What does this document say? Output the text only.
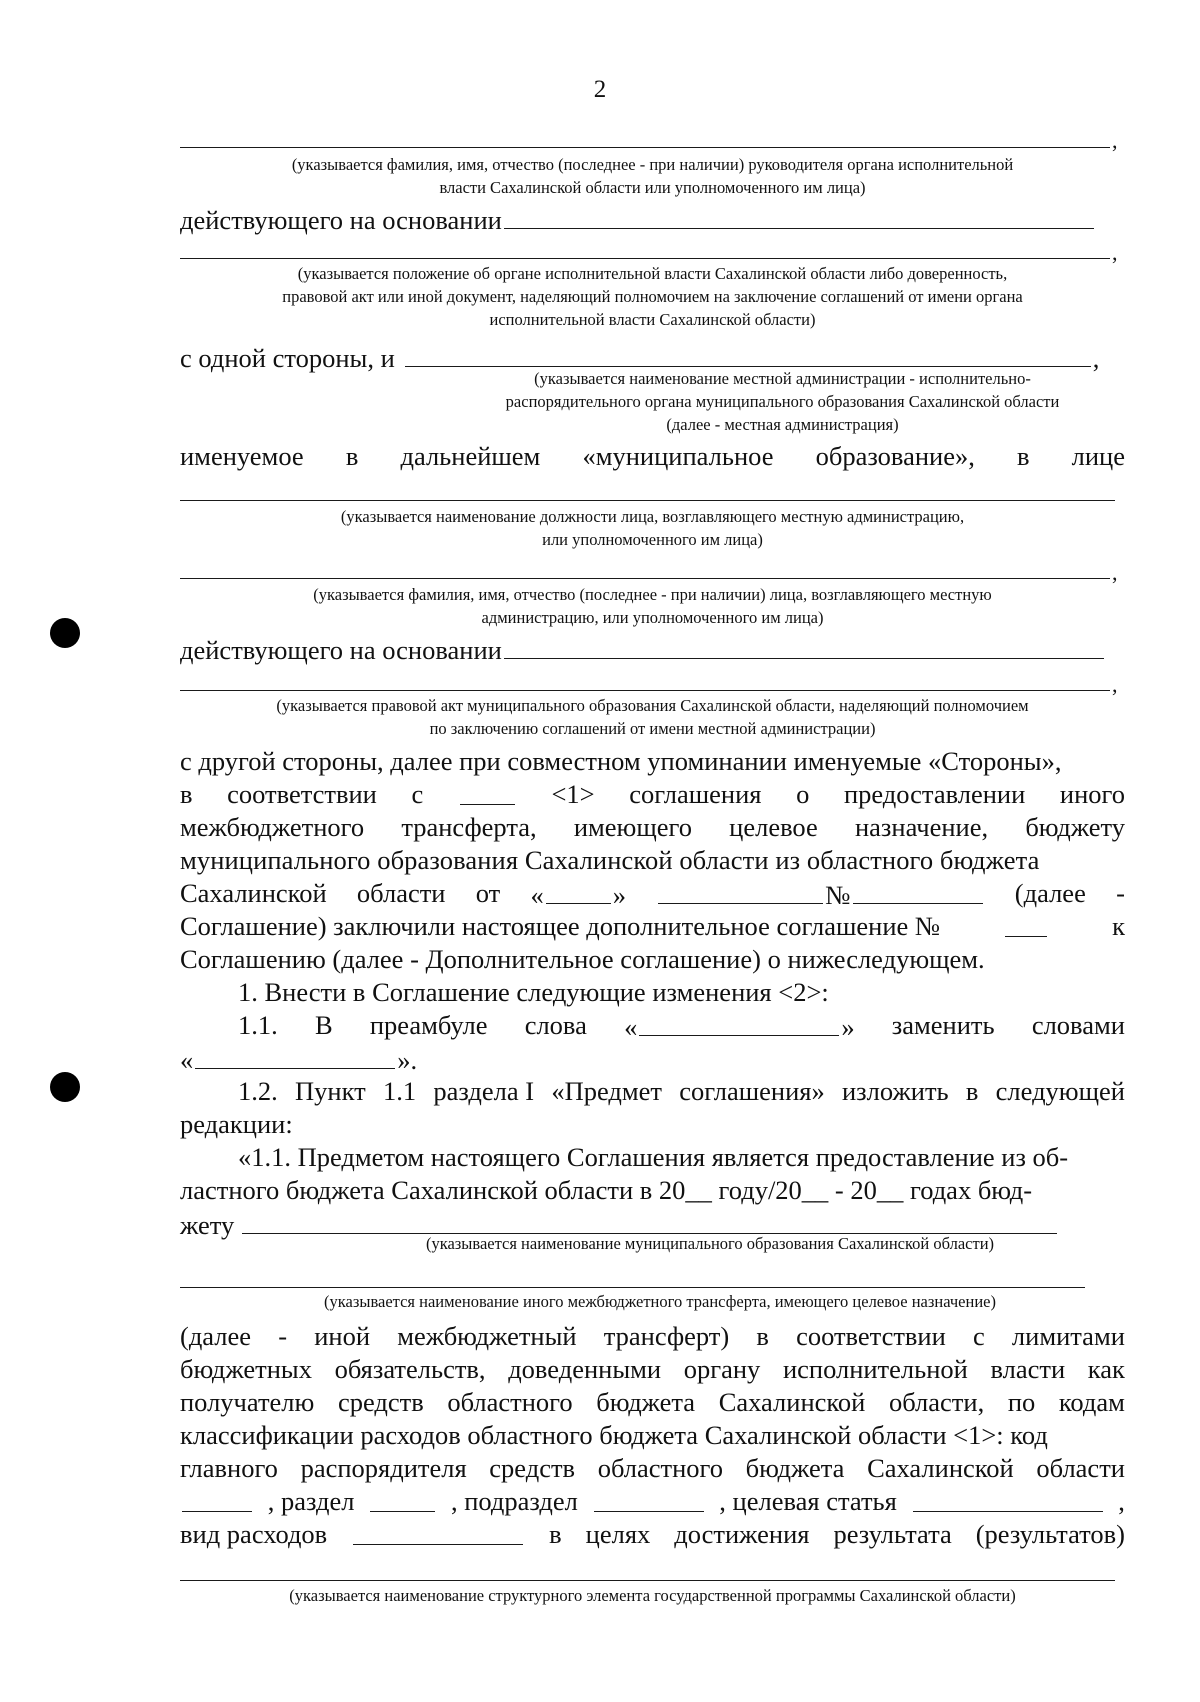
2
,
(указывается фамилия, имя, отчество (последнее - при наличии) руководителя органа исполнительной
власти Сахалинской области или уполномоченного им лица)
действующего на основании
,
(указывается положение об органе исполнительной власти Сахалинской области либо доверенность,
правовой акт или иной документ, наделяющий полномочием на заключение соглашений от имени органа
исполнительной власти Сахалинской области)
с одной стороны, и	,
(указывается наименование местной администрации - исполнительно-
распорядительного органа муниципального образования Сахалинской области
(далее - местная администрация)
именуемое в дальнейшем «муниципальное образование», в лице
(указывается наименование должности лица, возглавляющего местную администрацию,
или уполномоченного им лица)
,
(указывается фамилия, имя, отчество (последнее - при наличии) лица, возглавляющего местную
администрацию, или уполномоченного им лица)
действующего на основании
,
(указывается правовой акт муниципального образования Сахалинской области, наделяющий полномочием
по заключению соглашений от имени местной администрации)
с другой стороны, далее при совместном упоминании именуемые «Стороны»,
в соответствии с	<1> соглашения о предоставлении иного
межбюджетного трансферта, имеющего целевое назначение, бюджету
муниципального образования Сахалинской области из областного бюджета
Сахалинской области от «	»	№	(далее -
Соглашение) заключили настоящее дополнительное соглашение №	к
Соглашению (далее - Дополнительное соглашение) о нижеследующем.
1. Внести в Соглашение следующие изменения <2>:
1.1. В преамбуле слова «	» заменить словами
«	».
1.2. Пункт 1.1 раздела I «Предмет соглашения» изложить в следующей
редакции:
«1.1. Предметом настоящего Соглашения является предоставление из об-
ластного бюджета Сахалинской области в 20__ году/20__ - 20__ годах бюд-
жету
(указывается наименование муниципального образования Сахалинской области)
(указывается наименование иного межбюджетного трансферта, имеющего целевое назначение)
(далее - иной межбюджетный трансферт) в соответствии с лимитами
бюджетных обязательств, доведенными органу исполнительной власти как
получателю средств областного бюджета Сахалинской области, по кодам
классификации расходов областного бюджета Сахалинской области <1>: код
главного распорядителя средств областного бюджета Сахалинской области
, раздел	, подраздел	, целевая статья	,
вид расходов	в целях достижения результата (результатов)
(указывается наименование структурного элемента государственной программы Сахалинской области)
